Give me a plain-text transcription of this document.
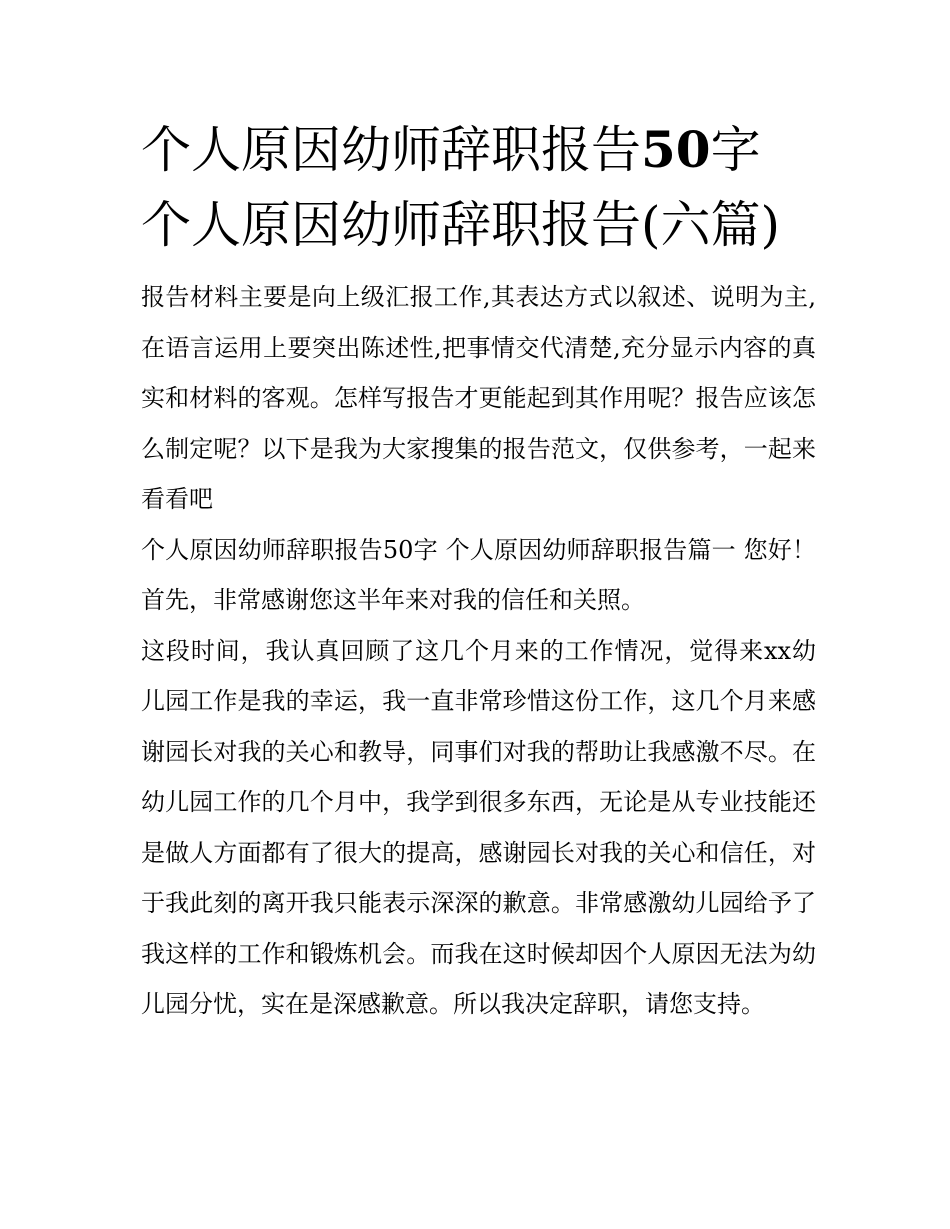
个人原因幼师辞职报告50字
个人原因幼师辞职报告(六篇)

报告材料主要是向上级汇报工作,其表达方式以叙述、说明为主,在语言运用上要突出陈述性,把事情交代清楚,充分显示内容的真实和材料的客观。怎样写报告才更能起到其作用呢？报告应该怎么制定呢？以下是我为大家搜集的报告范文，仅供参考，一起来看看吧

个人原因幼师辞职报告50字 个人原因幼师辞职报告篇一 您好！ 首先，非常感谢您这半年来对我的信任和关照。

这段时间，我认真回顾了这几个月来的工作情况，觉得来xx幼儿园工作是我的幸运，我一直非常珍惜这份工作，这几个月来感谢园长对我的关心和教导，同事们对我的帮助让我感激不尽。在幼儿园工作的几个月中，我学到很多东西，无论是从专业技能还是做人方面都有了很大的提高，感谢园长对我的关心和信任，对于我此刻的离开我只能表示深深的歉意。非常感激幼儿园给予了我这样的工作和锻炼机会。而我在这时候却因个人原因无法为幼儿园分忧，实在是深感歉意。所以我决定辞职，请您支持。
